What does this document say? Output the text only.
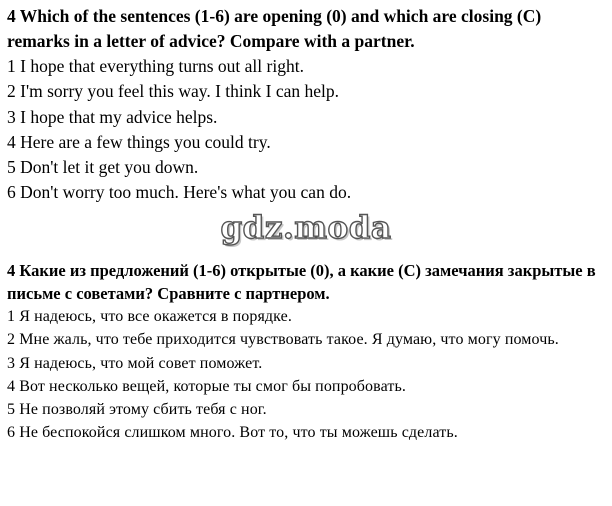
4 Which of the sentences (1-6) are opening (0) and which are closing (C) remarks in a letter of advice? Compare with a partner.

1 I hope that everything turns out all right.

2 I'm sorry you feel this way. I think I can help.

3 I hope that my advice helps.

4 Here are a few things you could try.

5 Don't let it get you down.

6 Don't worry too much. Here's what you can do.

gdz.moda

4 Какие из предложений (1-6) открытые (0), а какие (С) замечания закрытые в письме с советами? Сравните с партнером.

1 Я надеюсь, что все окажется в порядке.

2 Мне жаль, что тебе приходится чувствовать такое. Я думаю, что могу помочь.

3 Я надеюсь, что мой совет поможет.

4 Вот несколько вещей, которые ты смог бы попробовать.

5 Не позволяй этому сбить тебя с ног.

6 Не беспокойся слишком много. Вот то, что ты можешь сделать.
